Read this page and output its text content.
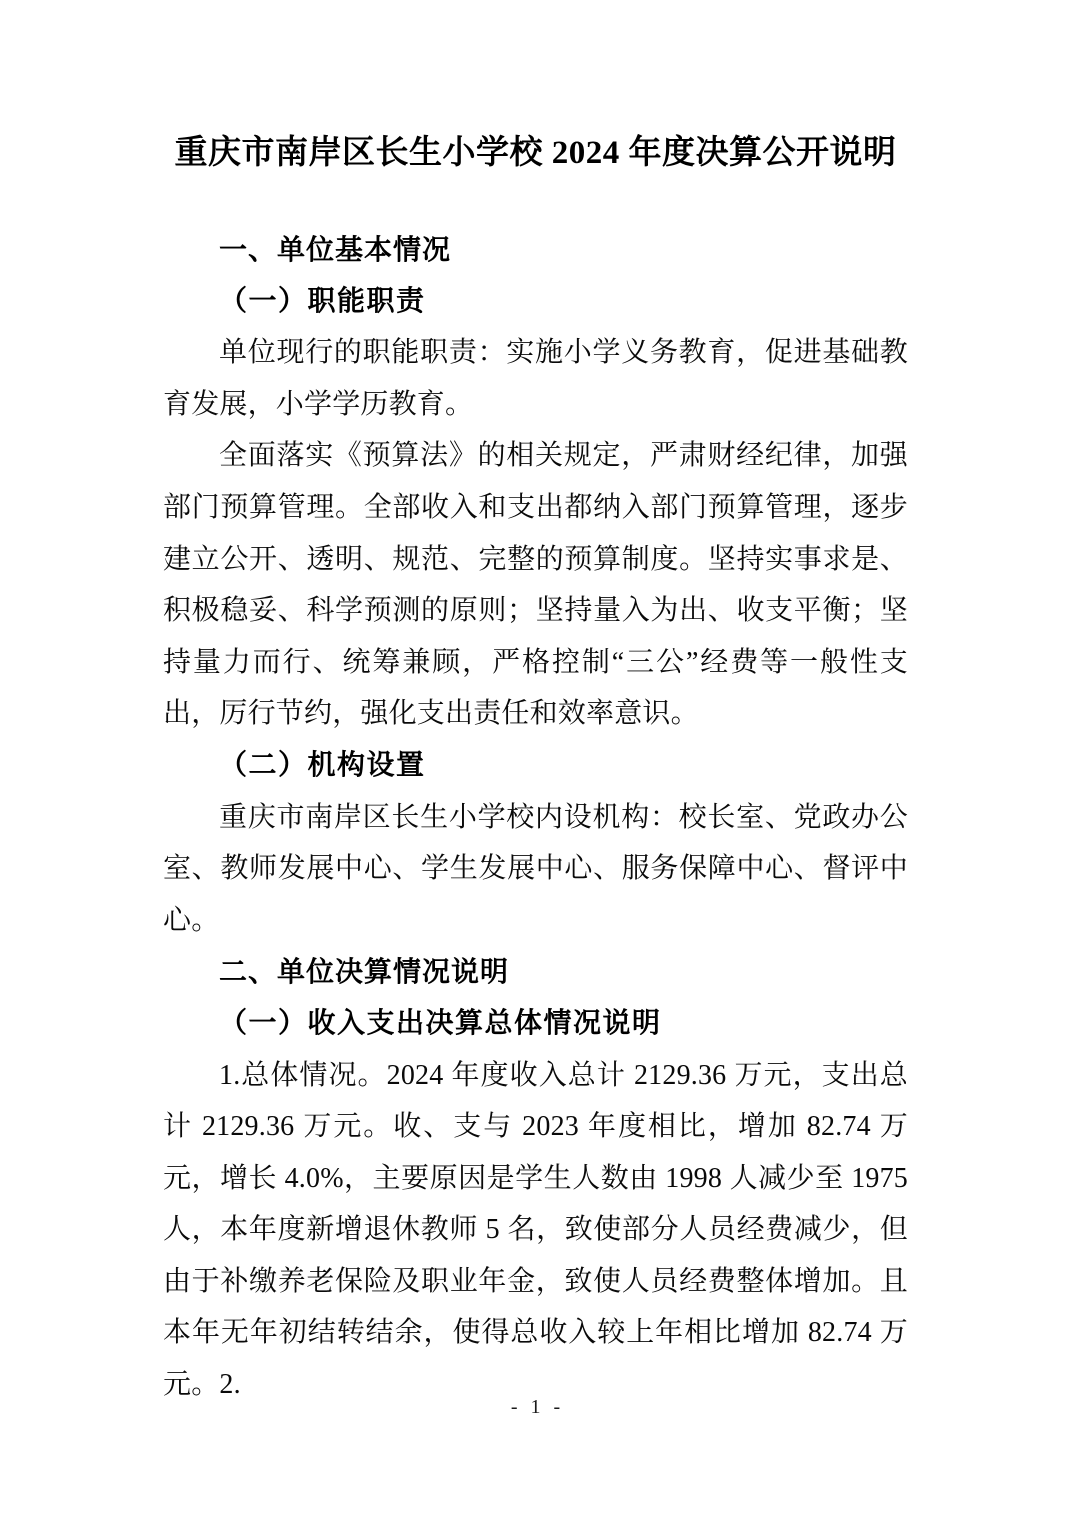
重庆市南岸区长生小学校 2024 年度决算公开说明
一、单位基本情况
（一）职能职责
单位现行的职能职责：实施小学义务教育，促进基础教育发展，小学学历教育。
全面落实《预算法》的相关规定，严肃财经纪律，加强部门预算管理。全部收入和支出都纳入部门预算管理，逐步建立公开、透明、规范、完整的预算制度。坚持实事求是、积极稳妥、科学预测的原则；坚持量入为出、收支平衡；坚持量力而行、统筹兼顾，严格控制“三公”经费等一般性支出，厉行节约，强化支出责任和效率意识。
（二）机构设置
重庆市南岸区长生小学校内设机构：校长室、党政办公室、教师发展中心、学生发展中心、服务保障中心、督评中心。
二、单位决算情况说明
（一）收入支出决算总体情况说明
1.总体情况。2024 年度收入总计 2129.36 万元，支出总计 2129.36 万元。收、支与 2023 年度相比，增加 82.74 万元，增长 4.0%，主要原因是学生人数由 1998 人减少至 1975 人，本年度新增退休教师 5 名，致使部分人员经费减少，但由于补缴养老保险及职业年金，致使人员经费整体增加。且本年无年初结转结余，使得总收入较上年相比增加 82.74 万元。2.
- 1 -
